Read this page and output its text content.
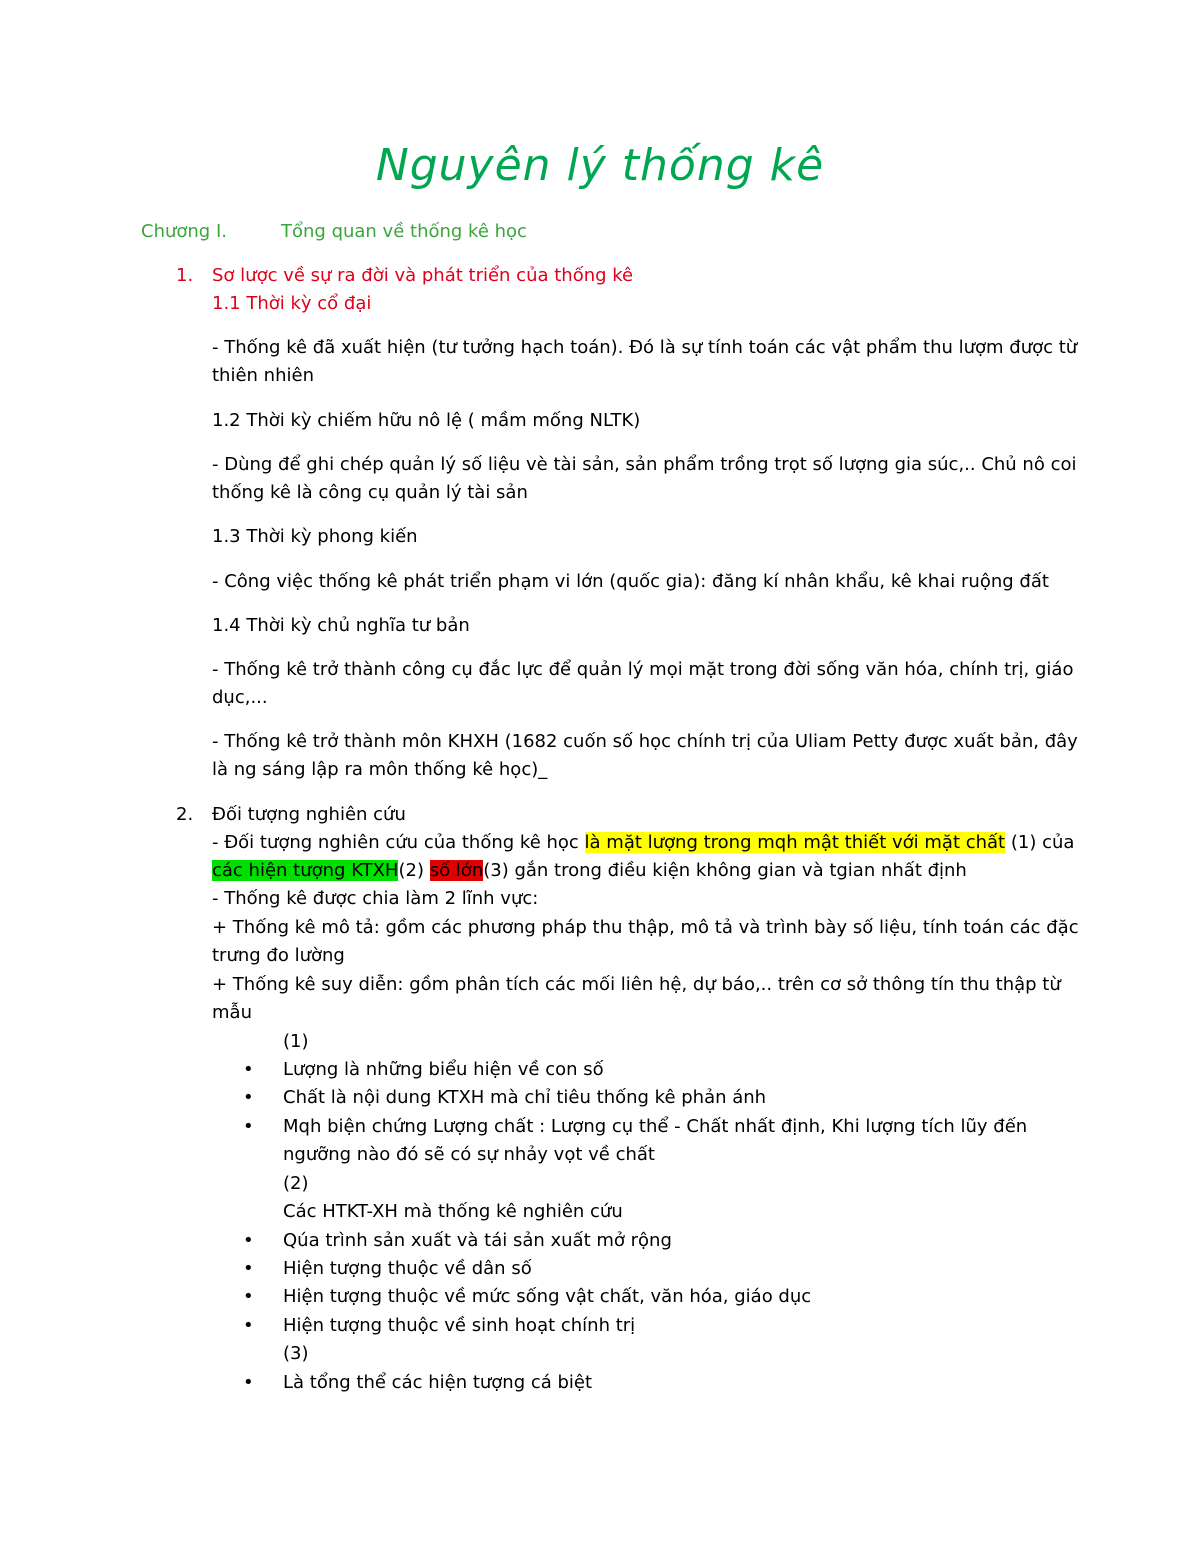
Nguyên lý thống kê
Chương I.	Tổng quan về thống kê học
1. Sơ lược về sự ra đời và phát triển của thống kê
1.1 Thời kỳ cổ đại
- Thống kê đã xuất hiện (tư tưởng hạch toán). Đó là sự tính toán các vật phẩm thu lượm được từ
thiên nhiên
1.2 Thời kỳ chiếm hữu nô lệ ( mầm mống NLTK)
- Dùng để ghi chép quản lý số liệu vè tài sản, sản phẩm trồng trọt số lượng gia súc,.. Chủ nô coi
thống kê là công cụ quản lý tài sản
1.3 Thời kỳ phong kiến
- Công việc thống kê phát triển phạm vi lớn (quốc gia): đăng kí nhân khẩu, kê khai ruộng đất
1.4 Thời kỳ chủ nghĩa tư bản
- Thống kê trở thành công cụ đắc lực để quản lý mọi mặt trong đời sống văn hóa, chính trị, giáo
dục,...
- Thống kê trở thành môn KHXH (1682 cuốn số học chính trị của Uliam Petty được xuất bản, đây
là ng sáng lập ra môn thống kê học)_
2. Đối tượng nghiên cứu
- Đối tượng nghiên cứu của thống kê học là mặt lượng trong mqh mật thiết với mặt chất (1) của
các hiện tượng KTXH(2) số lớn(3) gắn trong điều kiện không gian và tgian nhất định
- Thống kê được chia làm 2 lĩnh vực:
+ Thống kê mô tả: gồm các phương pháp thu thập, mô tả và trình bày số liệu, tính toán các đặc
trưng đo lường
+ Thống kê suy diễn: gồm phân tích các mối liên hệ, dự báo,.. trên cơ sở thông tín thu thập từ
mẫu
(1)
• Lượng là những biểu hiện về con số
• Chất là nội dung KTXH mà chỉ tiêu thống kê phản ánh
• Mqh biện chứng Lượng chất : Lượng cụ thể - Chất nhất định, Khi lượng tích lũy đến
ngưỡng nào đó sẽ có sự nhảy vọt về chất
(2)
Các HTKT-XH mà thống kê nghiên cứu
• Qúa trình sản xuất và tái sản xuất mở rộng
• Hiện tượng thuộc về dân số
• Hiện tượng thuộc về mức sống vật chất, văn hóa, giáo dục
• Hiện tượng thuộc về sinh hoạt chính trị
(3)
• Là tổng thể các hiện tượng cá biệt
